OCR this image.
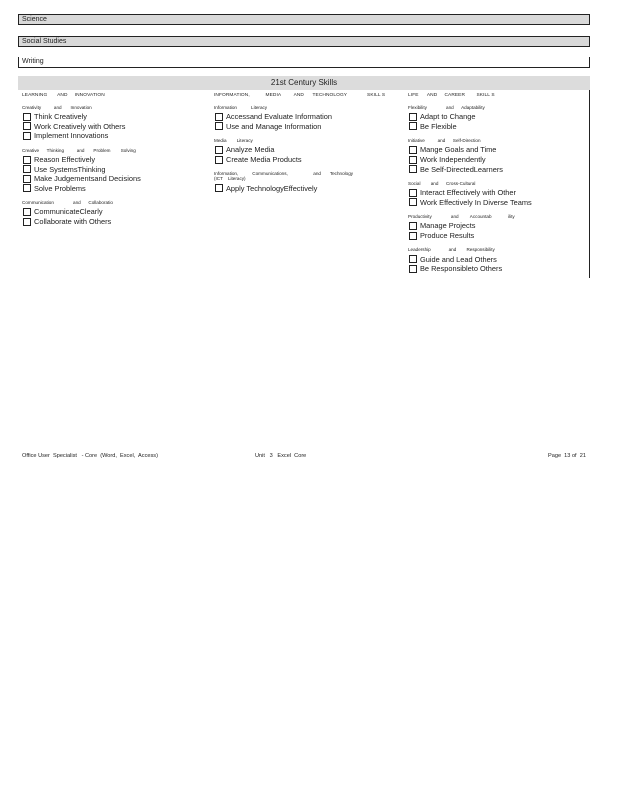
Science
Social Studies
Writing
21st Century Skills
LEARNING       AND     INNOVATION
Creativity          and       Innovation
Think Creatively
Work Creatively with Others
Implement Innovations
Creative      Thinking          and       Problem        Solving
Reason Effectively
Use SystemsThinking
Make Judgementsand Decisions
Solve Problems
Communication               and      Collaboratio
CommunicateClearly
Collaborate with Others
INFORMATION,           MEDIA         AND      TECHNOLOGY              SKILL S
Information           Literacy
Accessand Evaluate Information
Use and Manage Information
Media        Literacy
Analyze Media
Create Media Products
Information,           Communications,                    and       Technology
(ICT    Literacy)
Apply TechnologyEffectively
LIFE      AND     CAREER        SKILL S
Flexibility               and      Adaptability
Adapt to Change
Be Flexible
Initiative          and      Self-Direction
Mange Goals and Time
Work Independently
Be Self-DirectedLearners
Social        and      Cross-Cultural
Interact Effectively with Other
Work Effectively In Diverse Teams
Productivity               and         Accountab             ility
Manage Projects
Produce Results
Leadership              and        Responsibility
Guide and Lead Others
Be Responsibleto Others
Office User  Specialist   - Core  (Word,  Excel,  Access)	Unit   3   Excel  Core	Page  13 of  21
